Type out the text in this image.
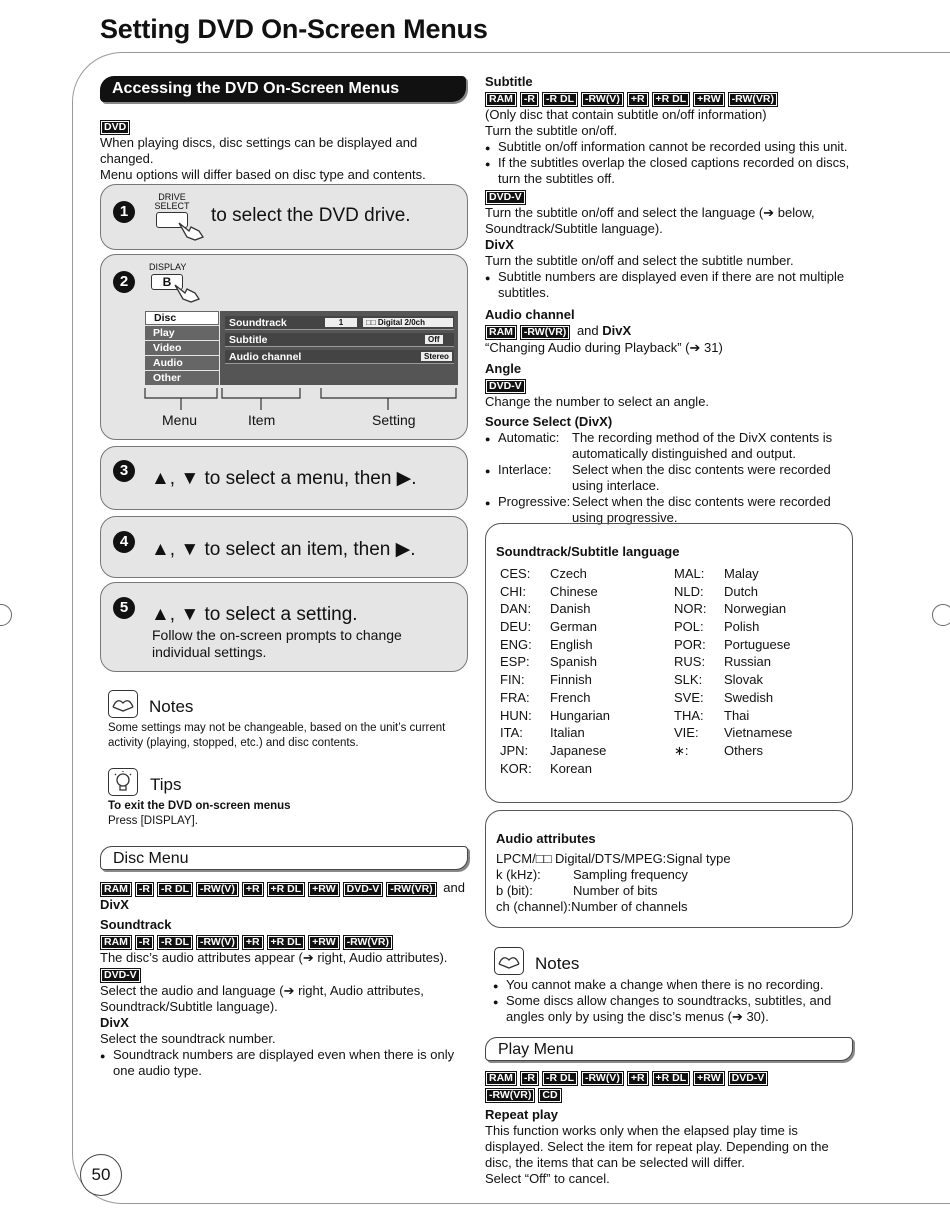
Setting DVD On-Screen Menus
50
Accessing the DVD On-Screen Menus
DVD

When playing discs, disc settings can be displayed and

changed.

Menu options will differ based on disc type and contents.

1
DRIVE SELECT to select the DVD drive.
2
DISPLAY
B
Disc
Play
Video
Audio
Other
Soundtrack	1	□□ Digital 2/0ch
Subtitle	Off
Audio channel	Stereo
Menu	Item	Setting
3	▲, ▼ to select a menu, then ▶.
4	▲, ▼ to select an item, then ▶.
5	▲, ▼ to select a setting.
Follow the on-screen prompts to change
individual settings.
Notes
Some settings may not be changeable, based on the unit’s current
activity (playing, stopped, etc.) and disc contents.
Tips
To exit the DVD on-screen menus
Press [DISPLAY].
Disc Menu
RAM -R -R DL -RW(V) +R +R DL +RW DVD-V -RW(VR) and

DivX

Soundtrack

RAM -R -R DL -RW(V) +R +R DL +RW -RW(VR)

The disc’s audio attributes appear (➔ right, Audio attributes).

DVD-V

Select the audio and language (➔ right, Audio attributes,

Soundtrack/Subtitle language).

DivX

Select the soundtrack number.

● Soundtrack numbers are displayed even when there is only
one audio type.

Subtitle

RAM -R -R DL -RW(V) +R +R DL +RW -RW(VR)

(Only disc that contain subtitle on/off information)

Turn the subtitle on/off.

● Subtitle on/off information cannot be recorded using this unit.
● If the subtitles overlap the closed captions recorded on discs,
turn the subtitles off.
DVD-V

Turn the subtitle on/off and select the language (➔ below,

Soundtrack/Subtitle language).

DivX

Turn the subtitle on/off and select the subtitle number.

● Subtitle numbers are displayed even if there are not multiple
subtitles.

Audio channel

RAM -RW(VR) and DivX

“Changing Audio during Playback” (➔ 31)

Angle

DVD-V

Change the number to select an angle.

Source Select (DivX)

● Automatic: The recording method of the DivX contents is
automatically distinguished and output.
● Interlace: Select when the disc contents were recorded
using interlace.
● Progressive: Select when the disc contents were recorded
using progressive.
Soundtrack/Subtitle language
CES:	Czech
CHI:	Chinese
DAN:	Danish
DEU:	German
ENG:	English
ESP:	Spanish
FIN:	Finnish
FRA:	French
HUN:	Hungarian
ITA:	Italian
JPN:	Japanese
KOR:	Korean
MAL:	Malay
NLD:	Dutch
NOR:	Norwegian
POL:	Polish
POR:	Portuguese
RUS:	Russian
SLK:	Slovak
SVE:	Swedish
THA:	Thai
VIE:	Vietnamese
∗:	Others
Audio attributes
LPCM/□□ Digital/DTS/MPEG:Signal type
k (kHz): Sampling frequency
b (bit):	Number of bits
ch (channel):Number of channels
Notes
● You cannot make a change when there is no recording.
● Some discs allow changes to soundtracks, subtitles, and
angles only by using the disc’s menus (➔ 30).
Play Menu
RAM -R -R DL -RW(V) +R +R DL +RW DVD-V
-RW(VR) CD

Repeat play

This function works only when the elapsed play time is

displayed. Select the item for repeat play. Depending on the

disc, the items that can be selected will differ.

Select “Off” to cancel.
